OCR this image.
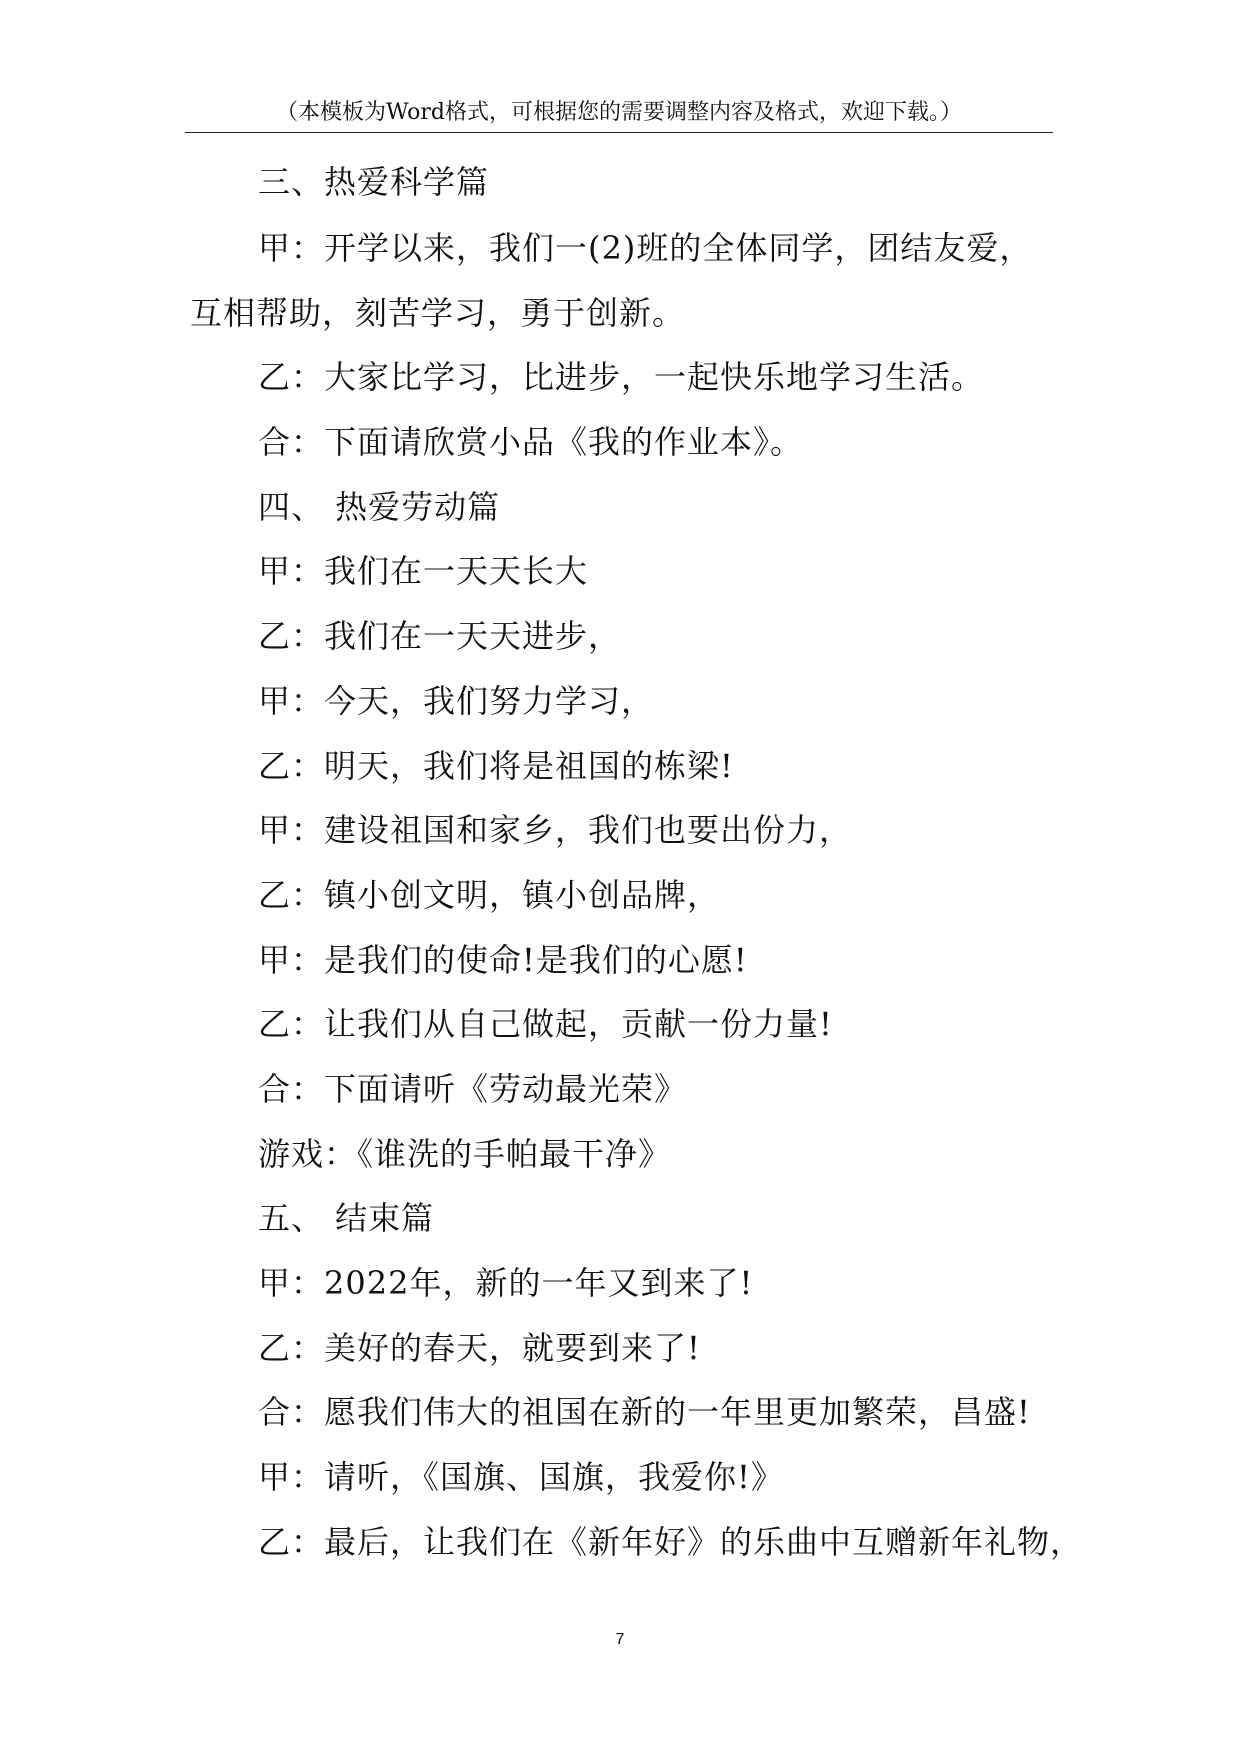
（本模板为Word格式，可根据您的需要调整内容及格式，欢迎下载。）
三、热爱科学篇
甲：开学以来，我们一(2)班的全体同学，团结友爱，
互相帮助，刻苦学习，勇于创新。
乙：大家比学习，比进步，一起快乐地学习生活。
合：下面请欣赏小品《我的作业本》。
四、 热爱劳动篇
甲：我们在一天天长大
乙：我们在一天天进步，
甲：今天，我们努力学习，
乙：明天，我们将是祖国的栋梁!
甲：建设祖国和家乡，我们也要出份力，
乙：镇小创文明，镇小创品牌，
甲：是我们的使命!是我们的心愿!
乙：让我们从自己做起，贡献一份力量!
合：下面请听《劳动最光荣》
游戏：《谁洗的手帕最干净》
五、 结束篇
甲：2022年，新的一年又到来了!
乙：美好的春天，就要到来了!
合：愿我们伟大的祖国在新的一年里更加繁荣，昌盛!
甲：请听，《国旗、国旗，我爱你!》
乙：最后，让我们在《新年好》的乐曲中互赠新年礼物，
7
